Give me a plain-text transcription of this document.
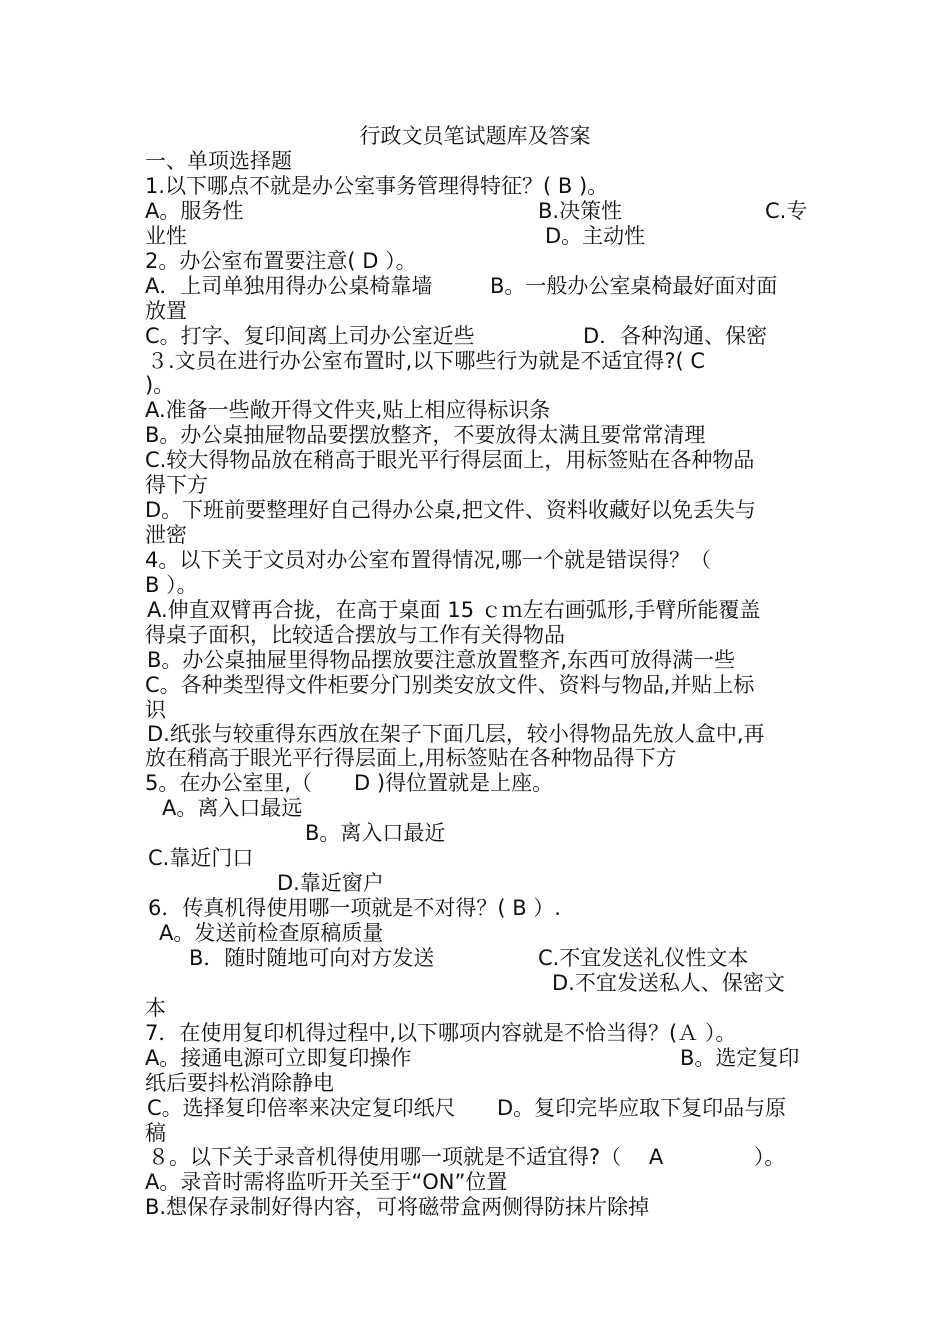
行政文员笔试题库及答案
一、单项选择题
1.以下哪点不就是办公室事务管理得特征？( B )。
A。服务性	B.决策性	C.专
业性	D。主动性
2。办公室布置要注意( D ）。
A．上司单独用得办公桌椅靠墙	B。一般办公室桌椅最好面对面
放置
C。打字、复印间离上司办公室近些	D．各种沟通、保密
３.文员在进行办公室布置时,以下哪些行为就是不适宜得?( C
)。
A.准备一些敞开得文件夹,贴上相应得标识条
B。办公桌抽屉物品要摆放整齐，不要放得太满且要常常清理
C.较大得物品放在稍高于眼光平行得层面上，用标签贴在各种物品
得下方
D。下班前要整理好自己得办公桌,把文件、资料收藏好以免丢失与
泄密
4。以下关于文员对办公室布置得情况,哪一个就是错误得？（
B ）。
A.伸直双臂再合拢，在高于桌面 15 ｃｍ左右画弧形,手臂所能覆盖
得桌子面积，比较适合摆放与工作有关得物品
B。办公桌抽屉里得物品摆放要注意放置整齐,东西可放得满一些
C。各种类型得文件柜要分门别类安放文件、资料与物品,并贴上标
识
D.纸张与较重得东西放在架子下面几层，较小得物品先放人盒中,再
放在稍高于眼光平行得层面上,用标签贴在各种物品得下方
5。在办公室里,（　　D )得位置就是上座。
A。离入口最远
B。离入口最近
C.靠近门口
D.靠近窗户
6．传真机得使用哪一项就是不对得？( B ）.
A。发送前检查原稿质量
B．随时随地可向对方发送	C.不宜发送礼仪性文本
D.不宜发送私人、保密文
本
7．在使用复印机得过程中,以下哪项内容就是不恰当得？(Ａ ）。
A。接通电源可立即复印操作	B。选定复印
纸后要抖松消除静电
C。选择复印倍率来决定复印纸尺 D。复印完毕应取下复印品与原
稿
８。以下关于录音机得使用哪一项就是不适宜得?（　 A　　　　 ）。
A。录音时需将监听开关至于“ON”位置
B.想保存录制好得内容，可将磁带盒两侧得防抹片除掉
